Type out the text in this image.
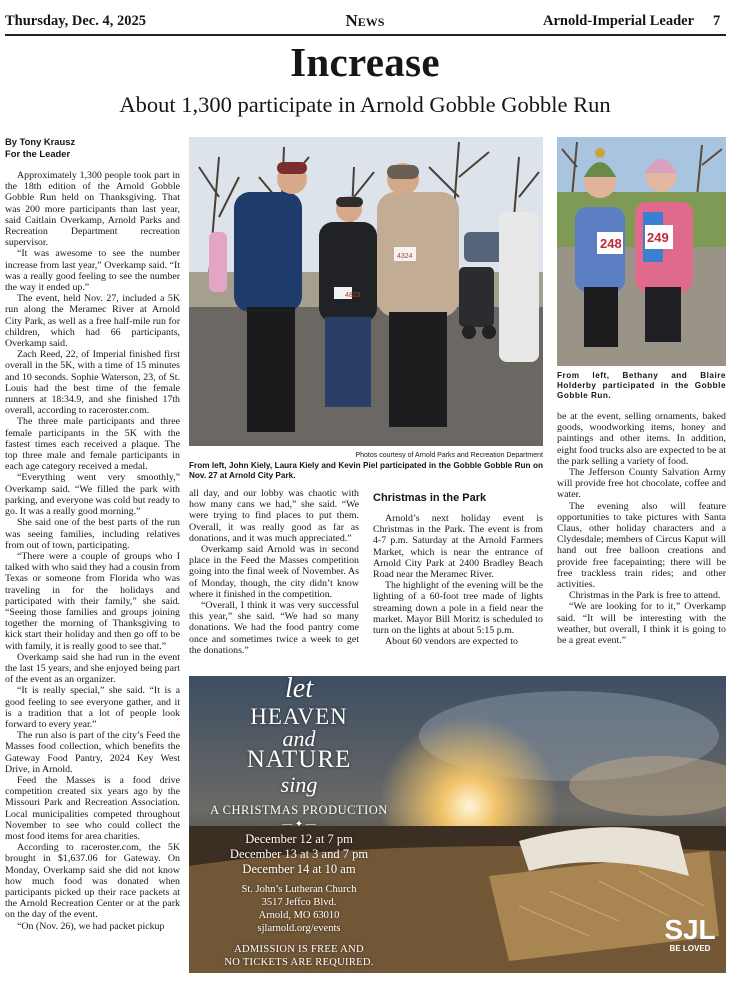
Thursday, Dec. 4, 2025	News	Arnold-Imperial Leader 7
Increase
About 1,300 participate in Arnold Gobble Gobble Run
By Tony Krausz
For the Leader

Approximately 1,300 people took part in the 18th edition of the Arnold Gobble Gobble Run held on Thanksgiving. That was 200 more participants than last year, said Caitlain Overkamp, Arnold Parks and Recreation Department recreation supervisor.

“It was awesome to see the number increase from last year,” Overkamp said. “It was a really good feeling to see the number the way it ended up.”

The event, held Nov. 27, included a 5K run along the Meramec River at Arnold City Park, as well as a free half-mile run for children, which had 66 participants, Overkamp said.

Zach Reed, 22, of Imperial finished first overall in the 5K, with a time of 15 minutes and 10 seconds. Sophie Waterson, 23, of St. Louis had the best time of the female runners at 18:34.9, and she finished 17th overall, according to raceroster.com.

The three male participants and three female participants in the 5K with the fastest times each received a plaque. The top three male and female participants in each age category received a medal.

“Everything went very smoothly,” Overkamp said. “We filled the park with parking, and everyone was cold but ready to go. It was a really good morning.”

She said one of the best parts of the run was seeing families, including relatives from out of town, participating.

“There were a couple of groups who I talked with who said they had a cousin from Texas or someone from Florida who was traveling in for the holidays and participated with their family,” she said. “Seeing those families and groups joining together the morning of Thanksgiving to kick start their holiday and then go off to be with family, it is really good to see that.”

Overkamp said she had run in the event the last 15 years, and she enjoyed being part of the event as an organizer.

“It is really special,” she said. “It is a good feeling to see everyone gather, and it is a tradition that a lot of people look forward to every year.”

The run also is part of the city’s Feed the Masses food collection, which benefits the Gateway Food Pantry, 2024 Key West Drive, in Arnold.

Feed the Masses is a food drive competition created six years ago by the Missouri Park and Recreation Association. Local municipalities competed throughout November to see who could collect the most food items for area charities.

According to raceroster.com, the 5K brought in $1,637.06 for Gateway. On Monday, Overkamp said she did not know how much food was donated when participants picked up their race packets at the Arnold Recreation Center or at the park on the day of the event.

“On (Nov. 26), we had packet pickup

4823
4324
Photos courtesy of Arnold Parks and Recreation Department
From left, John Kiely, Laura Kiely and Kevin Piel participated in the Gobble Gobble Run on Nov. 27 at Arnold City Park.

all day, and our lobby was chaotic with how many cans we had,” she said. “We were trying to find places to put them. Overall, it was really good as far as donations, and it was much appreciated.”

Overkamp said Arnold was in second place in the Feed the Masses competition going into the final week of November. As of Monday, though, the city didn’t know where it finished in the competition.

“Overall, I think it was very successful this year,” she said. “We had so many donations. We had the food pantry come once and sometimes twice a week to get the donations.”

Christmas in the Park

Arnold’s next holiday event is Christmas in the Park. The event is from 4-7 p.m. Saturday at the Arnold Farmers Market, which is near the entrance of Arnold City Park at 2400 Bradley Beach Road near the Meramec River.

The highlight of the evening will be the lighting of a 60-foot tree made of lights streaming down a pole in a field near the market. Mayor Bill Moritz is scheduled to turn on the lights at about 5:15 p.m.

About 60 vendors are expected to

248 249
From left, Bethany and Blaire Holderby participated in the Gobble Gobble Run.

be at the event, selling ornaments, baked goods, woodworking items, honey and paintings and other items. In addition, eight food trucks also are expected to be at the park selling a variety of food.

The Jefferson County Salvation Army will provide free hot chocolate, coffee and water.

The evening also will feature opportunities to take pictures with Santa Claus, other holiday characters and a Clydesdale; members of Circus Kaput will hand out free balloon creations and provide free facepainting; there will be free trackless train rides; and other activities.

Christmas in the Park is free to attend.

“We are looking for to it,” Overkamp said. “It will be interesting with the weather, but overall, I think it is going to be a great event.”

let
HEAVEN
and
NATURE
sing
A CHRISTMAS PRODUCTION
— ✦ —
December 12 at 7 pm
December 13 at 3 and 7 pm
December 14 at 10 am
St. John’s Lutheran Church
3517 Jeffco Blvd.
Arnold, MO 63010
sjlarnold.org/events
ADMISSION IS FREE AND
NO TICKETS ARE REQUIRED.
SJL
BE LOVED
